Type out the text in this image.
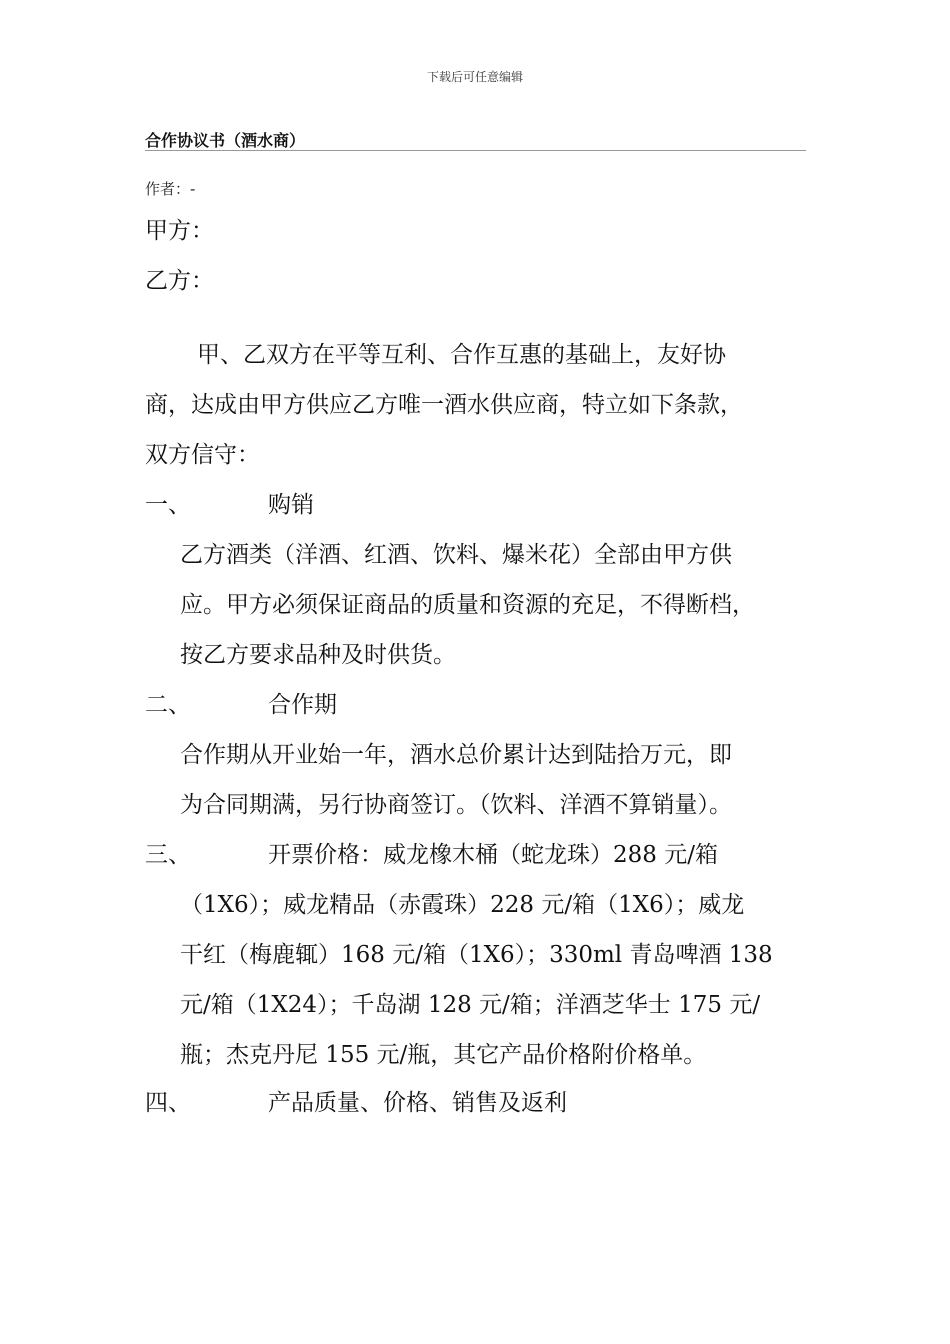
下载后可任意编辑
合作协议书（酒水商）
作者：-
甲方：
乙方：
甲、乙双方在平等互利、合作互惠的基础上，友好协
商，达成由甲方供应乙方唯一酒水供应商，特立如下条款，
双方信守：
一、	购销
乙方酒类（洋酒、红酒、饮料、爆米花）全部由甲方供
应。甲方必须保证商品的质量和资源的充足，不得断档，
按乙方要求品种及时供货。
二、	合作期
合作期从开业始一年，酒水总价累计达到陆拾万元，即
为合同期满，另行协商签订。（饮料、洋酒不算销量）。
三、	开票价格：威龙橡木桶（蛇龙珠）288 元/箱
（1X6）；威龙精品（赤霞珠）228 元/箱（1X6）；威龙
干红（梅鹿辄）168 元/箱（1X6）；330ml 青岛啤酒 138
元/箱（1X24）；千岛湖 128 元/箱；洋酒芝华士 175 元/
瓶；杰克丹尼 155 元/瓶，其它产品价格附价格单。
四、	产品质量、价格、销售及返利
